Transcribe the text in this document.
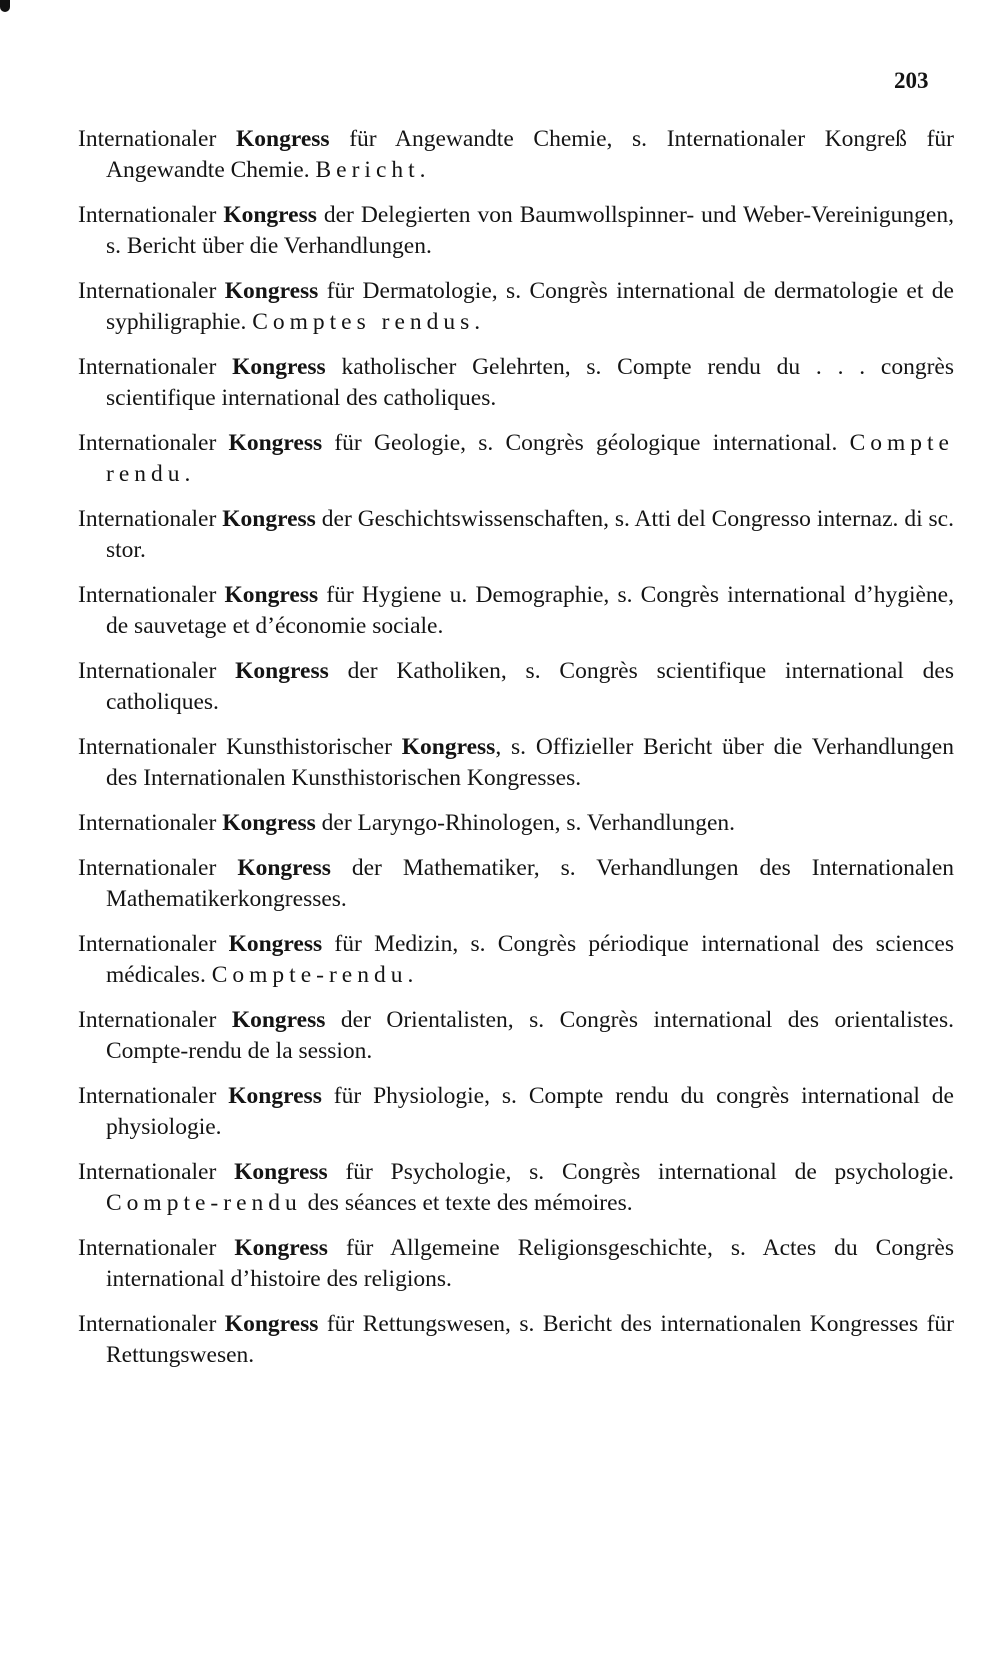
203

Internationaler Kongress für Angewandte Chemie, s. Internationaler Kongreß für Angewandte Chemie. Bericht.

Internationaler Kongress der Delegierten von Baumwollspinner- und Weber-Vereinigungen, s. Bericht über die Verhandlungen.

Internationaler Kongress für Dermatologie, s. Congrès international de dermatologie et de syphiligraphie. Comptes rendus.

Internationaler Kongress katholischer Gelehrten, s. Compte rendu du . . . congrès scientifique international des catholiques.

Internationaler Kongress für Geologie, s. Congrès géologique international. Compte rendu.

Internationaler Kongress der Geschichtswissenschaften, s. Atti del Congresso internaz. di sc. stor.

Internationaler Kongress für Hygiene u. Demographie, s. Congrès international d’hygiène, de sauvetage et d’économie sociale.

Internationaler Kongress der Katholiken, s. Congrès scientifique international des catholiques.

Internationaler Kunsthistorischer Kongress, s. Offizieller Bericht über die Verhandlungen des Internationalen Kunsthistorischen Kongresses.

Internationaler Kongress der Laryngo-Rhinologen, s. Verhandlungen.

Internationaler Kongress der Mathematiker, s. Verhandlungen des Internationalen Mathematikerkongresses.

Internationaler Kongress für Medizin, s. Congrès périodique international des sciences médicales. Compte-rendu.

Internationaler Kongress der Orientalisten, s. Congrès international des orientalistes. Compte-rendu de la session.

Internationaler Kongress für Physiologie, s. Compte rendu du congrès international de physiologie.

Internationaler Kongress für Psychologie, s. Congrès international de psychologie. Compte-rendu des séances et texte des mémoires.

Internationaler Kongress für Allgemeine Religionsgeschichte, s. Actes du Congrès international d’histoire des religions.

Internationaler Kongress für Rettungswesen, s. Bericht des internationalen Kongresses für Rettungswesen.
